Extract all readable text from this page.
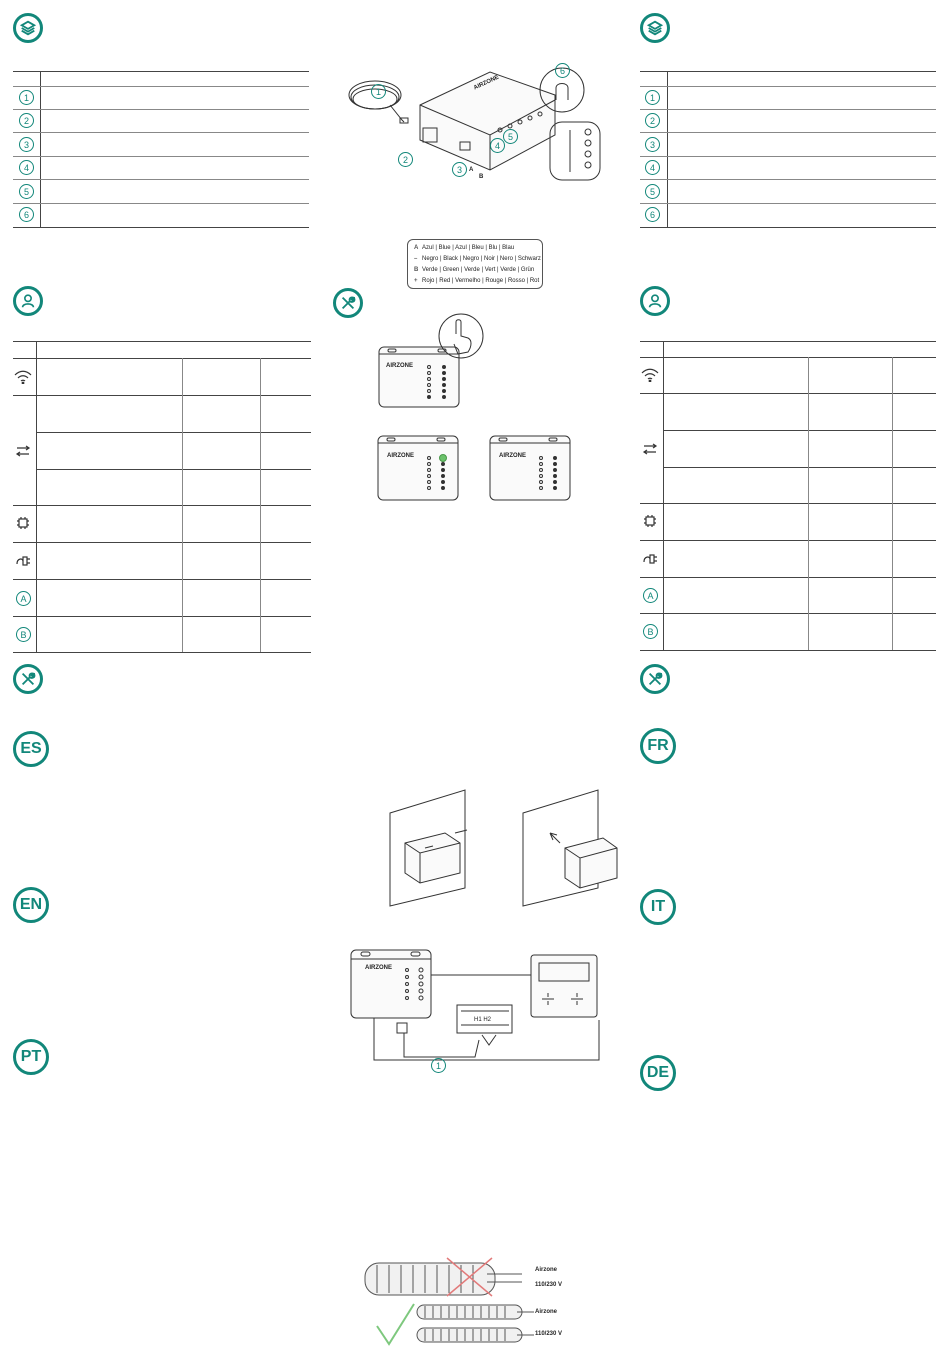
1
2
3
4
5
6
A
B
ES
EN
PT
1
2
3
4
5
6
A
B
FR
IT
DE
AIRZONE
1
2
3
4
5
6
A
B
A Azul | Blue | Azul | Bleu | Blu | Blau
– Negro | Black | Negro | Noir | Nero | Schwarz
B Verde | Green | Verde | Vert | Verde | Grün
+ Rojo | Red | Vermelho | Rouge | Rosso | Rot
AIRZONE
AIRZONE	AIRZONE
AIRZONE
H1 H2
1
Airzone
110/230 V
Airzone
110/230 V
